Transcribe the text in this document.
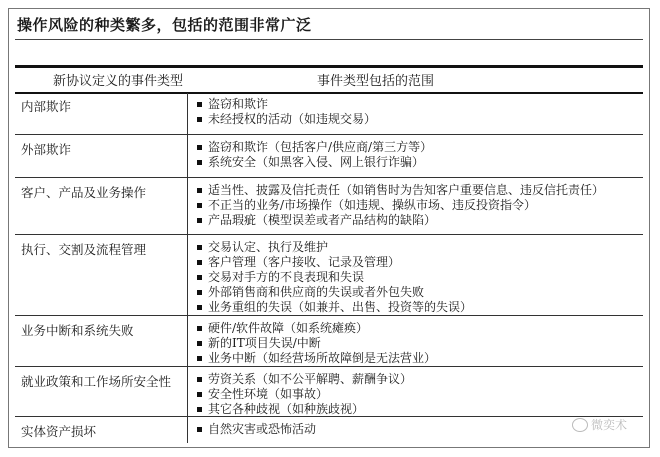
操作风险的种类繁多，包括的范围非常广泛
新协议定义的事件类型	事件类型包括的范围
内部欺诈	盗窃和欺诈
未经授权的活动（如违规交易）
外部欺诈	盗窃和欺诈（包括客户/供应商/第三方等）
系统安全（如黑客入侵、网上银行诈骗）
客户、产品及业务操作	适当性、披露及信托责任（如销售时为告知客户重要信息、违反信托责任）
不正当的业务/市场操作（如违规、操纵市场、违反投资指令）
产品瑕疵（模型误差或者产品结构的缺陷）
执行、交割及流程管理	交易认定、执行及维护
客户管理（客户接收、记录及管理）
交易对手方的不良表现和失误
外部销售商和供应商的失误或者外包失败
业务重组的失误（如兼并、出售、投资等的失误）
业务中断和系统失败	硬件/软件故障（如系统瘫痪）
新的IT项目失误/中断
业务中断（如经营场所故障倒是无法营业）
就业政策和工作场所安全性	劳资关系（如不公平解聘、薪酬争议）
安全性环境（如事故）
其它各种歧视（如种族歧视）
实体资产损坏	自然灾害或恐怖活动	微奕术
